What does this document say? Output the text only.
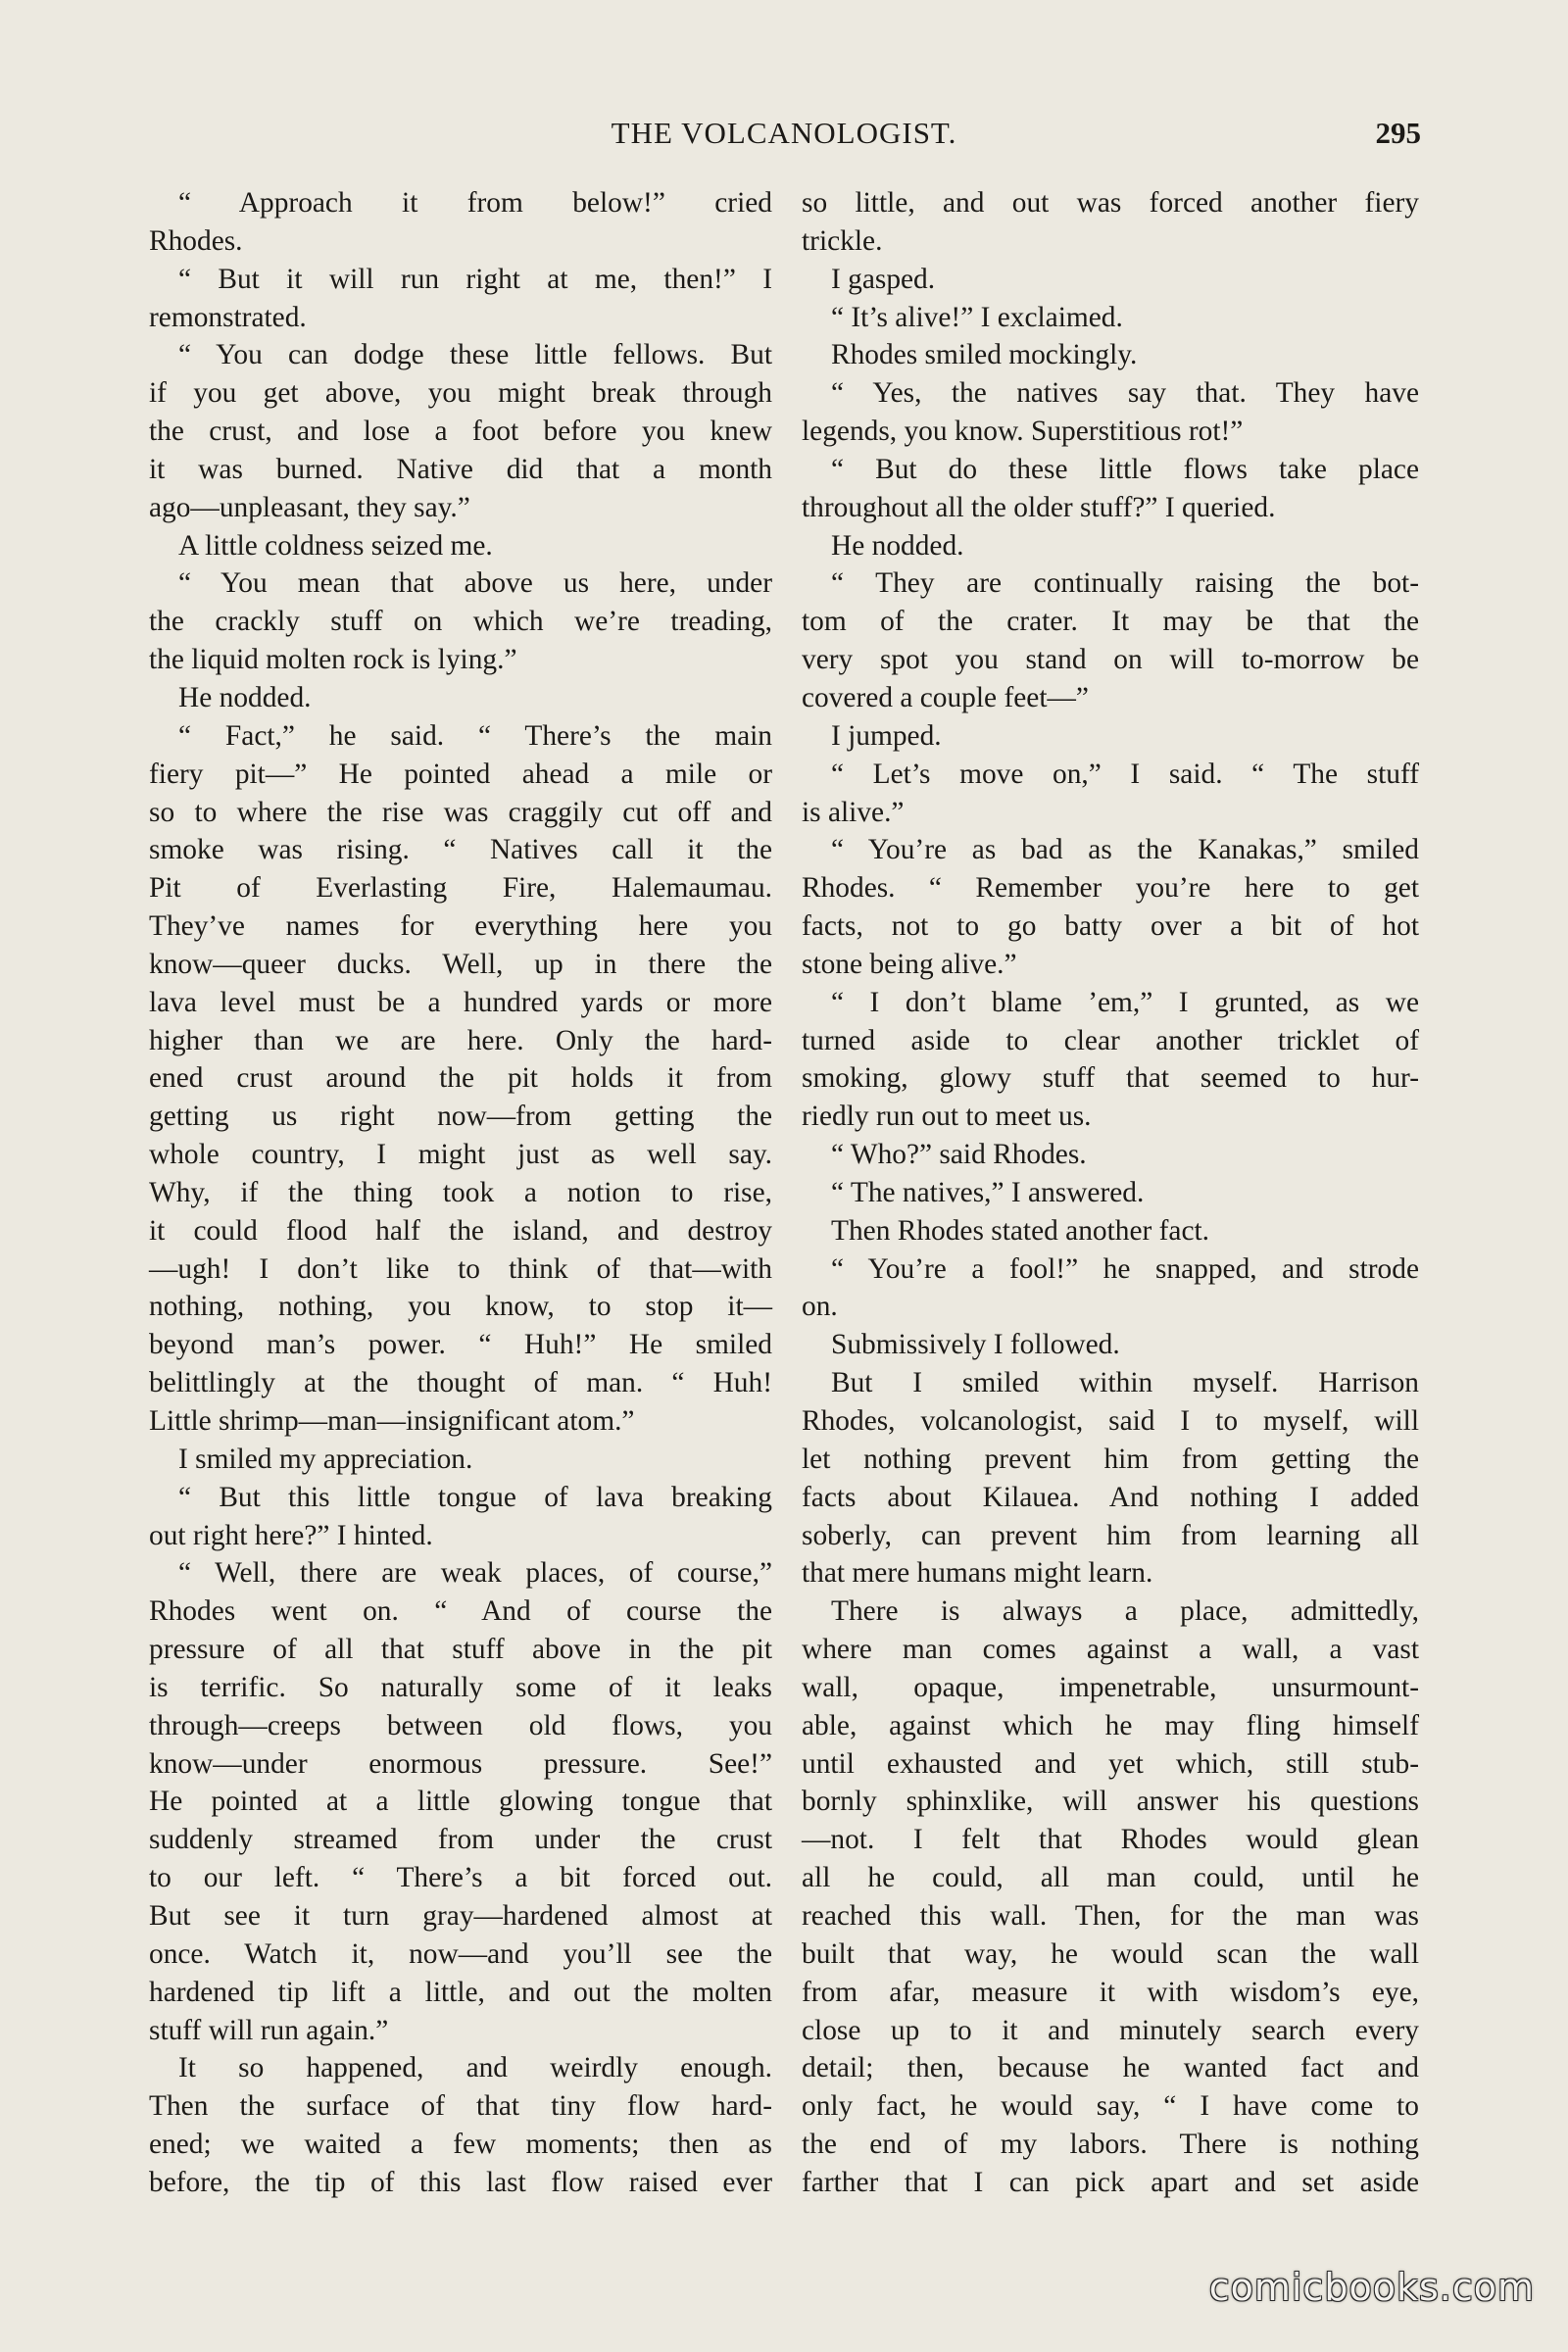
THE VOLCANOLOGIST.	295
“ Approach it from below!” cried
Rhodes.
“ But it will run right at me, then!” I
remonstrated.
“ You can dodge these little fellows. But
if you get above, you might break through
the crust, and lose a foot before you knew
it was burned. Native did that a month
ago—unpleasant, they say.”
A little coldness seized me.
“ You mean that above us here, under
the crackly stuff on which we’re treading,
the liquid molten rock is lying.”
He nodded.
“ Fact,” he said. “ There’s the main
fiery pit—” He pointed ahead a mile or
so to where the rise was craggily cut off and
smoke was rising. “ Natives call it the
Pit of Everlasting Fire, Halemaumau.
They’ve names for everything here you
know—queer ducks. Well, up in there the
lava level must be a hundred yards or more
higher than we are here. Only the hard-
ened crust around the pit holds it from
getting us right now—from getting the
whole country, I might just as well say.
Why, if the thing took a notion to rise,
it could flood half the island, and destroy
—ugh! I don’t like to think of that—with
nothing, nothing, you know, to stop it—
beyond man’s power. “ Huh!” He smiled
belittlingly at the thought of man. “ Huh!
Little shrimp—man—insignificant atom.”
I smiled my appreciation.
“ But this little tongue of lava breaking
out right here?” I hinted.
“ Well, there are weak places, of course,”
Rhodes went on. “ And of course the
pressure of all that stuff above in the pit
is terrific. So naturally some of it leaks
through—creeps between old flows, you
know—under enormous pressure. See!”
He pointed at a little glowing tongue that
suddenly streamed from under the crust
to our left. “ There’s a bit forced out.
But see it turn gray—hardened almost at
once. Watch it, now—and you’ll see the
hardened tip lift a little, and out the molten
stuff will run again.”
It so happened, and weirdly enough.
Then the surface of that tiny flow hard-
ened; we waited a few moments; then as
before, the tip of this last flow raised ever
so little, and out was forced another fiery
trickle.
I gasped.
“ It’s alive!” I exclaimed.
Rhodes smiled mockingly.
“ Yes, the natives say that. They have
legends, you know. Superstitious rot!”
“ But do these little flows take place
throughout all the older stuff?” I queried.
He nodded.
“ They are continually raising the bot-
tom of the crater. It may be that the
very spot you stand on will to-morrow be
covered a couple feet—”
I jumped.
“ Let’s move on,” I said. “ The stuff
is alive.”
“ You’re as bad as the Kanakas,” smiled
Rhodes. “ Remember you’re here to get
facts, not to go batty over a bit of hot
stone being alive.”
“ I don’t blame ’em,” I grunted, as we
turned aside to clear another tricklet of
smoking, glowy stuff that seemed to hur-
riedly run out to meet us.
“ Who?” said Rhodes.
“ The natives,” I answered.
Then Rhodes stated another fact.
“ You’re a fool!” he snapped, and strode
on.
Submissively I followed.
But I smiled within myself. Harrison
Rhodes, volcanologist, said I to myself, will
let nothing prevent him from getting the
facts about Kilauea. And nothing I added
soberly, can prevent him from learning all
that mere humans might learn.
There is always a place, admittedly,
where man comes against a wall, a vast
wall, opaque, impenetrable, unsurmount-
able, against which he may fling himself
until exhausted and yet which, still stub-
bornly sphinxlike, will answer his questions
—not. I felt that Rhodes would glean
all he could, all man could, until he
reached this wall. Then, for the man was
built that way, he would scan the wall
from afar, measure it with wisdom’s eye,
close up to it and minutely search every
detail; then, because he wanted fact and
only fact, he would say, “ I have come to
the end of my labors. There is nothing
farther that I can pick apart and set aside
comicbooks.com
